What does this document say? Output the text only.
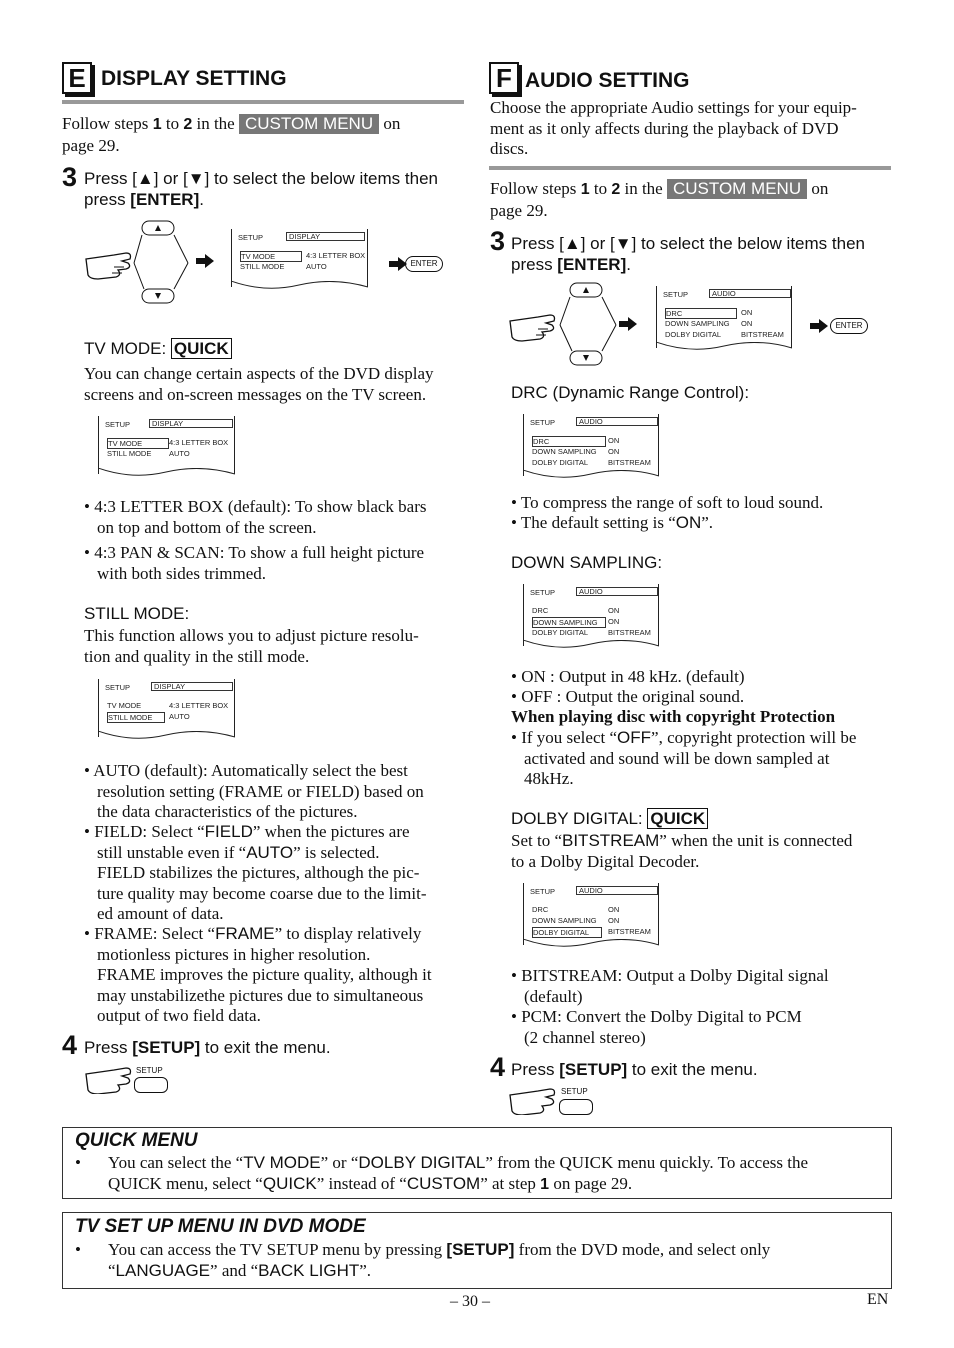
E DISPLAY SETTING
Follow steps 1 to 2 in the CUSTOM MENU on
page 29.
3 Press [▲] or [▼] to select the below items then
press [ENTER].
SETUP	DISPLAY
TV MODE	4:3 LETTER BOX
STILL MODE	AUTO	ENTER
TV MODE: QUICK
You can change certain aspects of the DVD display
screens and on-screen messages on the TV screen.
SETUP	DISPLAY
TV MODE	4:3 LETTER BOX
STILL MODE AUTO
• 4:3 LETTER BOX (default): To show black bars
on top and bottom of the screen.
• 4:3 PAN & SCAN: To show a full height picture
with both sides trimmed.
STILL MODE:
This function allows you to adjust picture resolu-
tion and quality in the still mode.
SETUP	DISPLAY
TV MODE	4:3 LETTER BOX
STILL MODE	AUTO
• AUTO (default): Automatically select the best
resolution setting (FRAME or FIELD) based on
the data characteristics of the pictures.
• FIELD: Select “FIELD” when the pictures are
still unstable even if “AUTO” is selected.
FIELD stabilizes the pictures, although the pic-
ture quality may become coarse due to the limit-
ed amount of data.
• FRAME: Select “FRAME” to display relatively
motionless pictures in higher resolution.
FRAME improves the picture quality, although it
may unstabilizethe pictures due to simultaneous
output of two field data.
4 Press [SETUP] to exit the menu.
SETUP
F AUDIO SETTING
Choose the appropriate Audio settings for your equip-
ment as it only affects during the playback of DVD
discs.
Follow steps 1 to 2 in the CUSTOM MENU on
page 29.
3 Press [▲] or [▼] to select the below items then
press [ENTER].
SETUP	AUDIO
DRC	ON
DOWN SAMPLING ON
DOLBY DIGITAL	BITSTREAM
ENTER
DRC (Dynamic Range Control):
SETUP	AUDIO
DRC	ON
DOWN SAMPLING ON
DOLBY DIGITAL	BITSTREAM
• To compress the range of soft to loud sound.
• The default setting is “ON”.
DOWN SAMPLING:
SETUP	AUDIO
DRC	ON
DOWN SAMPLING	ON
DOLBY DIGITAL	BITSTREAM
• ON : Output in 48 kHz. (default)
• OFF : Output the original sound.
When playing disc with copyright Protection
• If you select “OFF”, copyright protection will be
activated and sound will be down sampled at
48kHz.
DOLBY DIGITAL: QUICK
Set to “BITSTREAM” when the unit is connected
to a Dolby Digital Decoder.
SETUP	AUDIO
DRC	ON
DOWN SAMPLING ON
DOLBY DIGITAL	BITSTREAM
• BITSTREAM: Output a Dolby Digital signal
(default)
• PCM: Convert the Dolby Digital to PCM
(2 channel stereo)
4 Press [SETUP] to exit the menu.
SETUP
QUICK MENU
• You can select the “TV MODE” or “DOLBY DIGITAL” from the QUICK menu quickly. To access the
QUICK menu, select “QUICK” instead of “CUSTOM” at step 1 on page 29.
TV SET UP MENU IN DVD MODE
• You can access the TV SETUP menu by pressing [SETUP] from the DVD mode, and select only
“LANGUAGE” and “BACK LIGHT”.
– 30 –	EN
